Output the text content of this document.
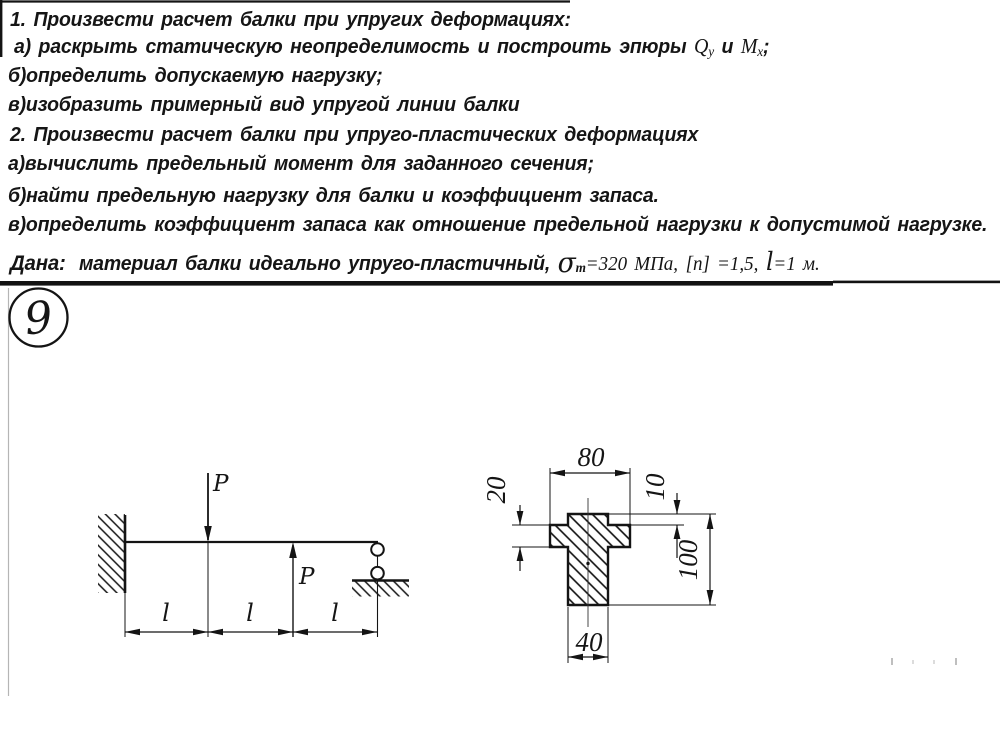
1. Произвести расчет балки при упругих деформациях:
а) раскрыть статическую неопределимость и построить эпюры Qy и Mx;
б)определить допускаемую нагрузку;
в)изобразить примерный вид упругой линии балки
2. Произвести расчет балки при упруго-пластических деформациях
а)вычислить предельный момент для заданного сечения;
б)найти предельную нагрузку для балки и коэффициент запаса.
в)определить коэффициент запаса как отношение предельной нагрузки к допустимой нагрузке.
Дана: материал балки идеально упруго-пластичный, σт=320 МПа, [n] =1,5, l=1 м.
9
P
P
l	l	l
80
20	10
100
40
